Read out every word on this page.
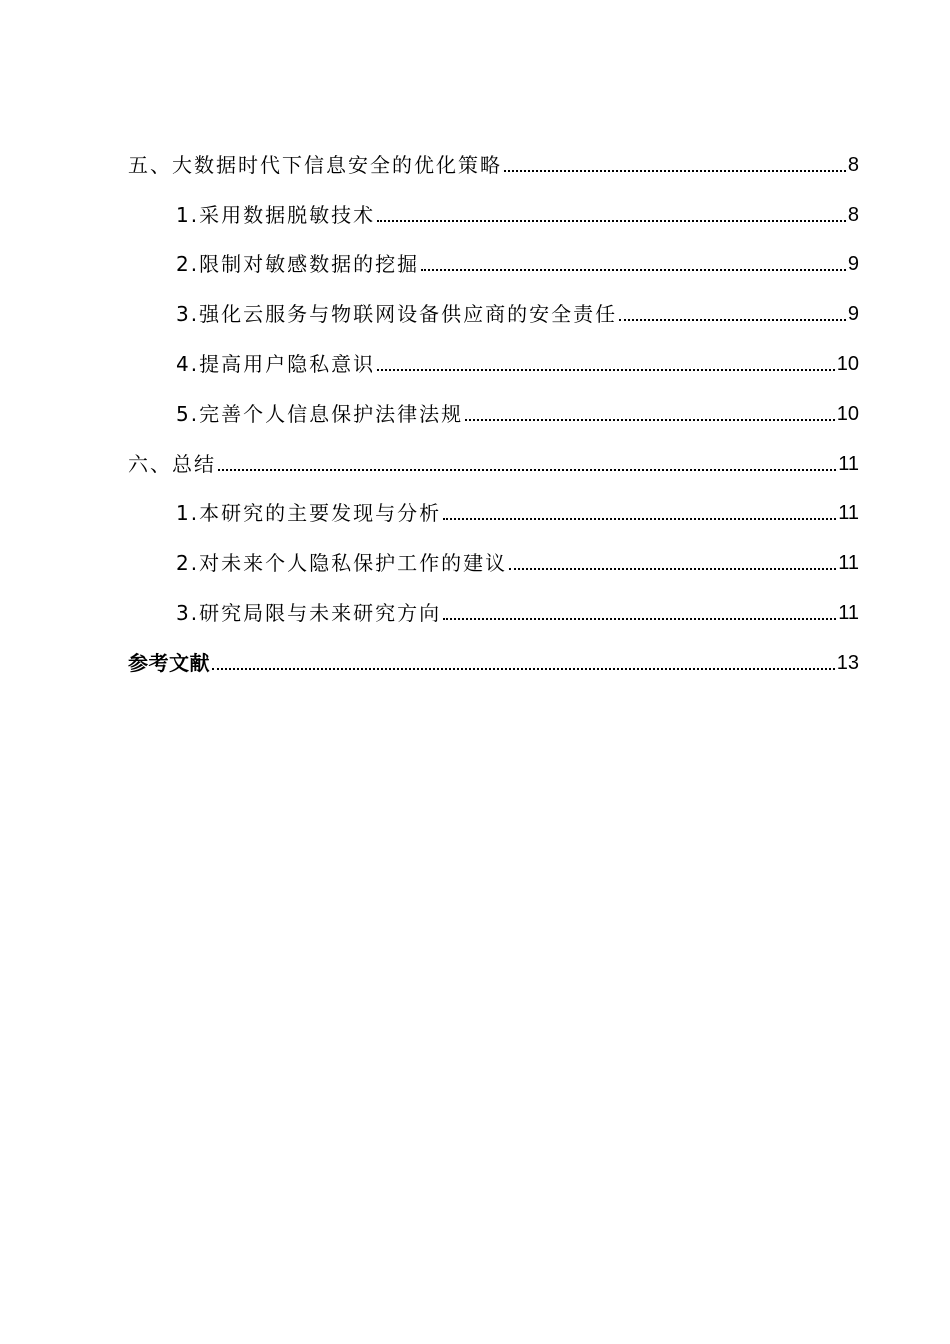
五、大数据时代下信息安全的优化策略	8
1.采用数据脱敏技术	8
2.限制对敏感数据的挖掘	9
3.强化云服务与物联网设备供应商的安全责任	9
4.提高用户隐私意识	10
5.完善个人信息保护法律法规	10
六、总结	11
1.本研究的主要发现与分析	11
2.对未来个人隐私保护工作的建议	11
3.研究局限与未来研究方向	11
参考文献	13
